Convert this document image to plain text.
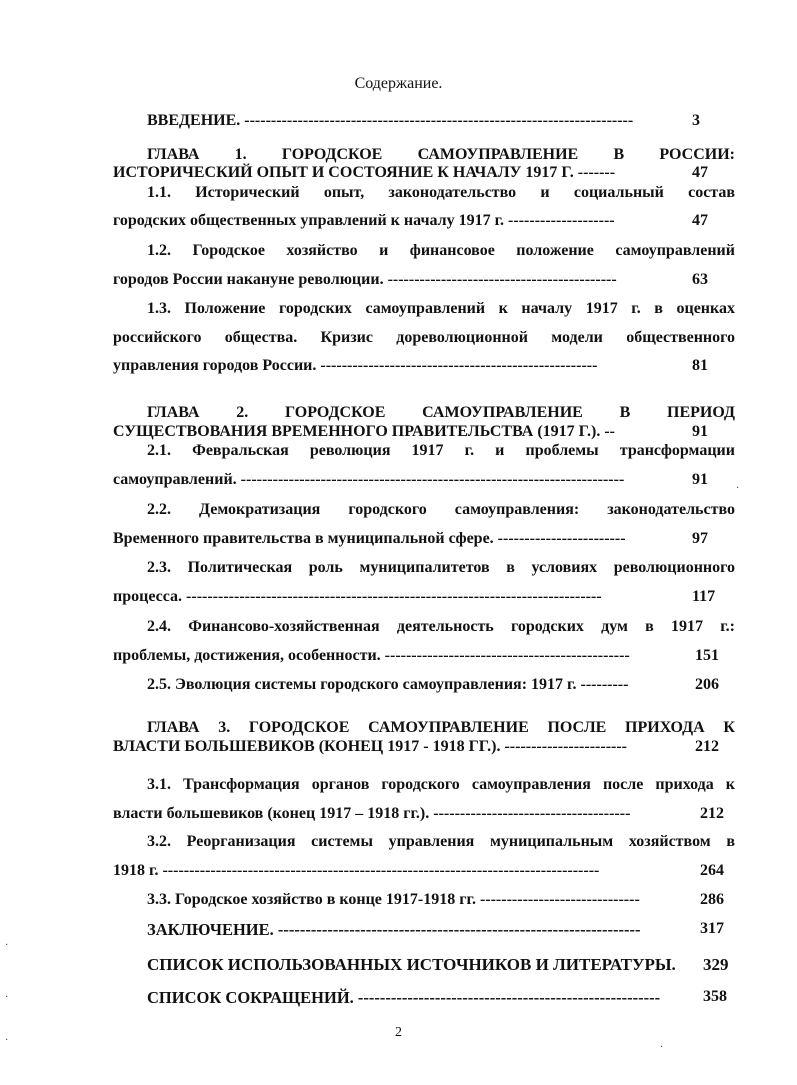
Содержание.
ВВЕДЕНИЕ. -------------------------------------------------------------------------	3
ГЛАВА 1. ГОРОДСКОЕ САМОУПРАВЛЕНИЕ В РОССИИ:
ИСТОРИЧЕСКИЙ ОПЫТ И СОСТОЯНИЕ К НАЧАЛУ 1917 Г. -------	47
1.1. Исторический опыт, законодательство и социальный состав
городских общественных управлений к началу 1917 г. --------------------	47
1.2. Городское хозяйство и финансовое положение самоуправлений
городов России накануне революции. -------------------------------------------	63
1.3. Положение городских самоуправлений к началу 1917 г. в оценках
российского общества. Кризис дореволюционной модели общественного
управления городов России. ----------------------------------------------------	81
ГЛАВА 2. ГОРОДСКОЕ САМОУПРАВЛЕНИЕ В ПЕРИОД
СУЩЕСТВОВАНИЯ ВРЕМЕННОГО ПРАВИТЕЛЬСТВА (1917 Г.). --	91
2.1. Февральская революция 1917 г. и проблемы трансформации
самоуправлений. ------------------------------------------------------------------------	91
2.2. Демократизация городского самоуправления: законодательство
Временного правительства в муниципальной сфере. ------------------------	97
2.3. Политическая роль муниципалитетов в условиях революционного
процесса. ------------------------------------------------------------------------------	117
2.4. Финансово-хозяйственная деятельность городских дум в 1917 г.:
проблемы, достижения, особенности. ----------------------------------------------	151
2.5. Эволюция системы городского самоуправления: 1917 г. ---------	206
ГЛАВА 3. ГОРОДСКОЕ САМОУПРАВЛЕНИЕ ПОСЛЕ ПРИХОДА К
ВЛАСТИ БОЛЬШЕВИКОВ (КОНЕЦ 1917 - 1918 ГГ.). -----------------------	212
3.1. Трансформация органов городского самоуправления после прихода к
власти большевиков (конец 1917 – 1918 гг.). -------------------------------------	212
3.2. Реорганизация системы управления муниципальным хозяйством в
1918 г. ----------------------------------------------------------------------------------	264
3.3. Городское хозяйство в конце 1917-1918 гг. ------------------------------	286
ЗАКЛЮЧЕНИЕ. ------------------------------------------------------------------	317
СПИСОК ИСПОЛЬЗОВАННЫХ ИСТОЧНИКОВ И ЛИТЕРАТУРЫ. 329
СПИСОК СОКРАЩЕНИЙ. -------------------------------------------------------	358
2
·
·
·
·
·
